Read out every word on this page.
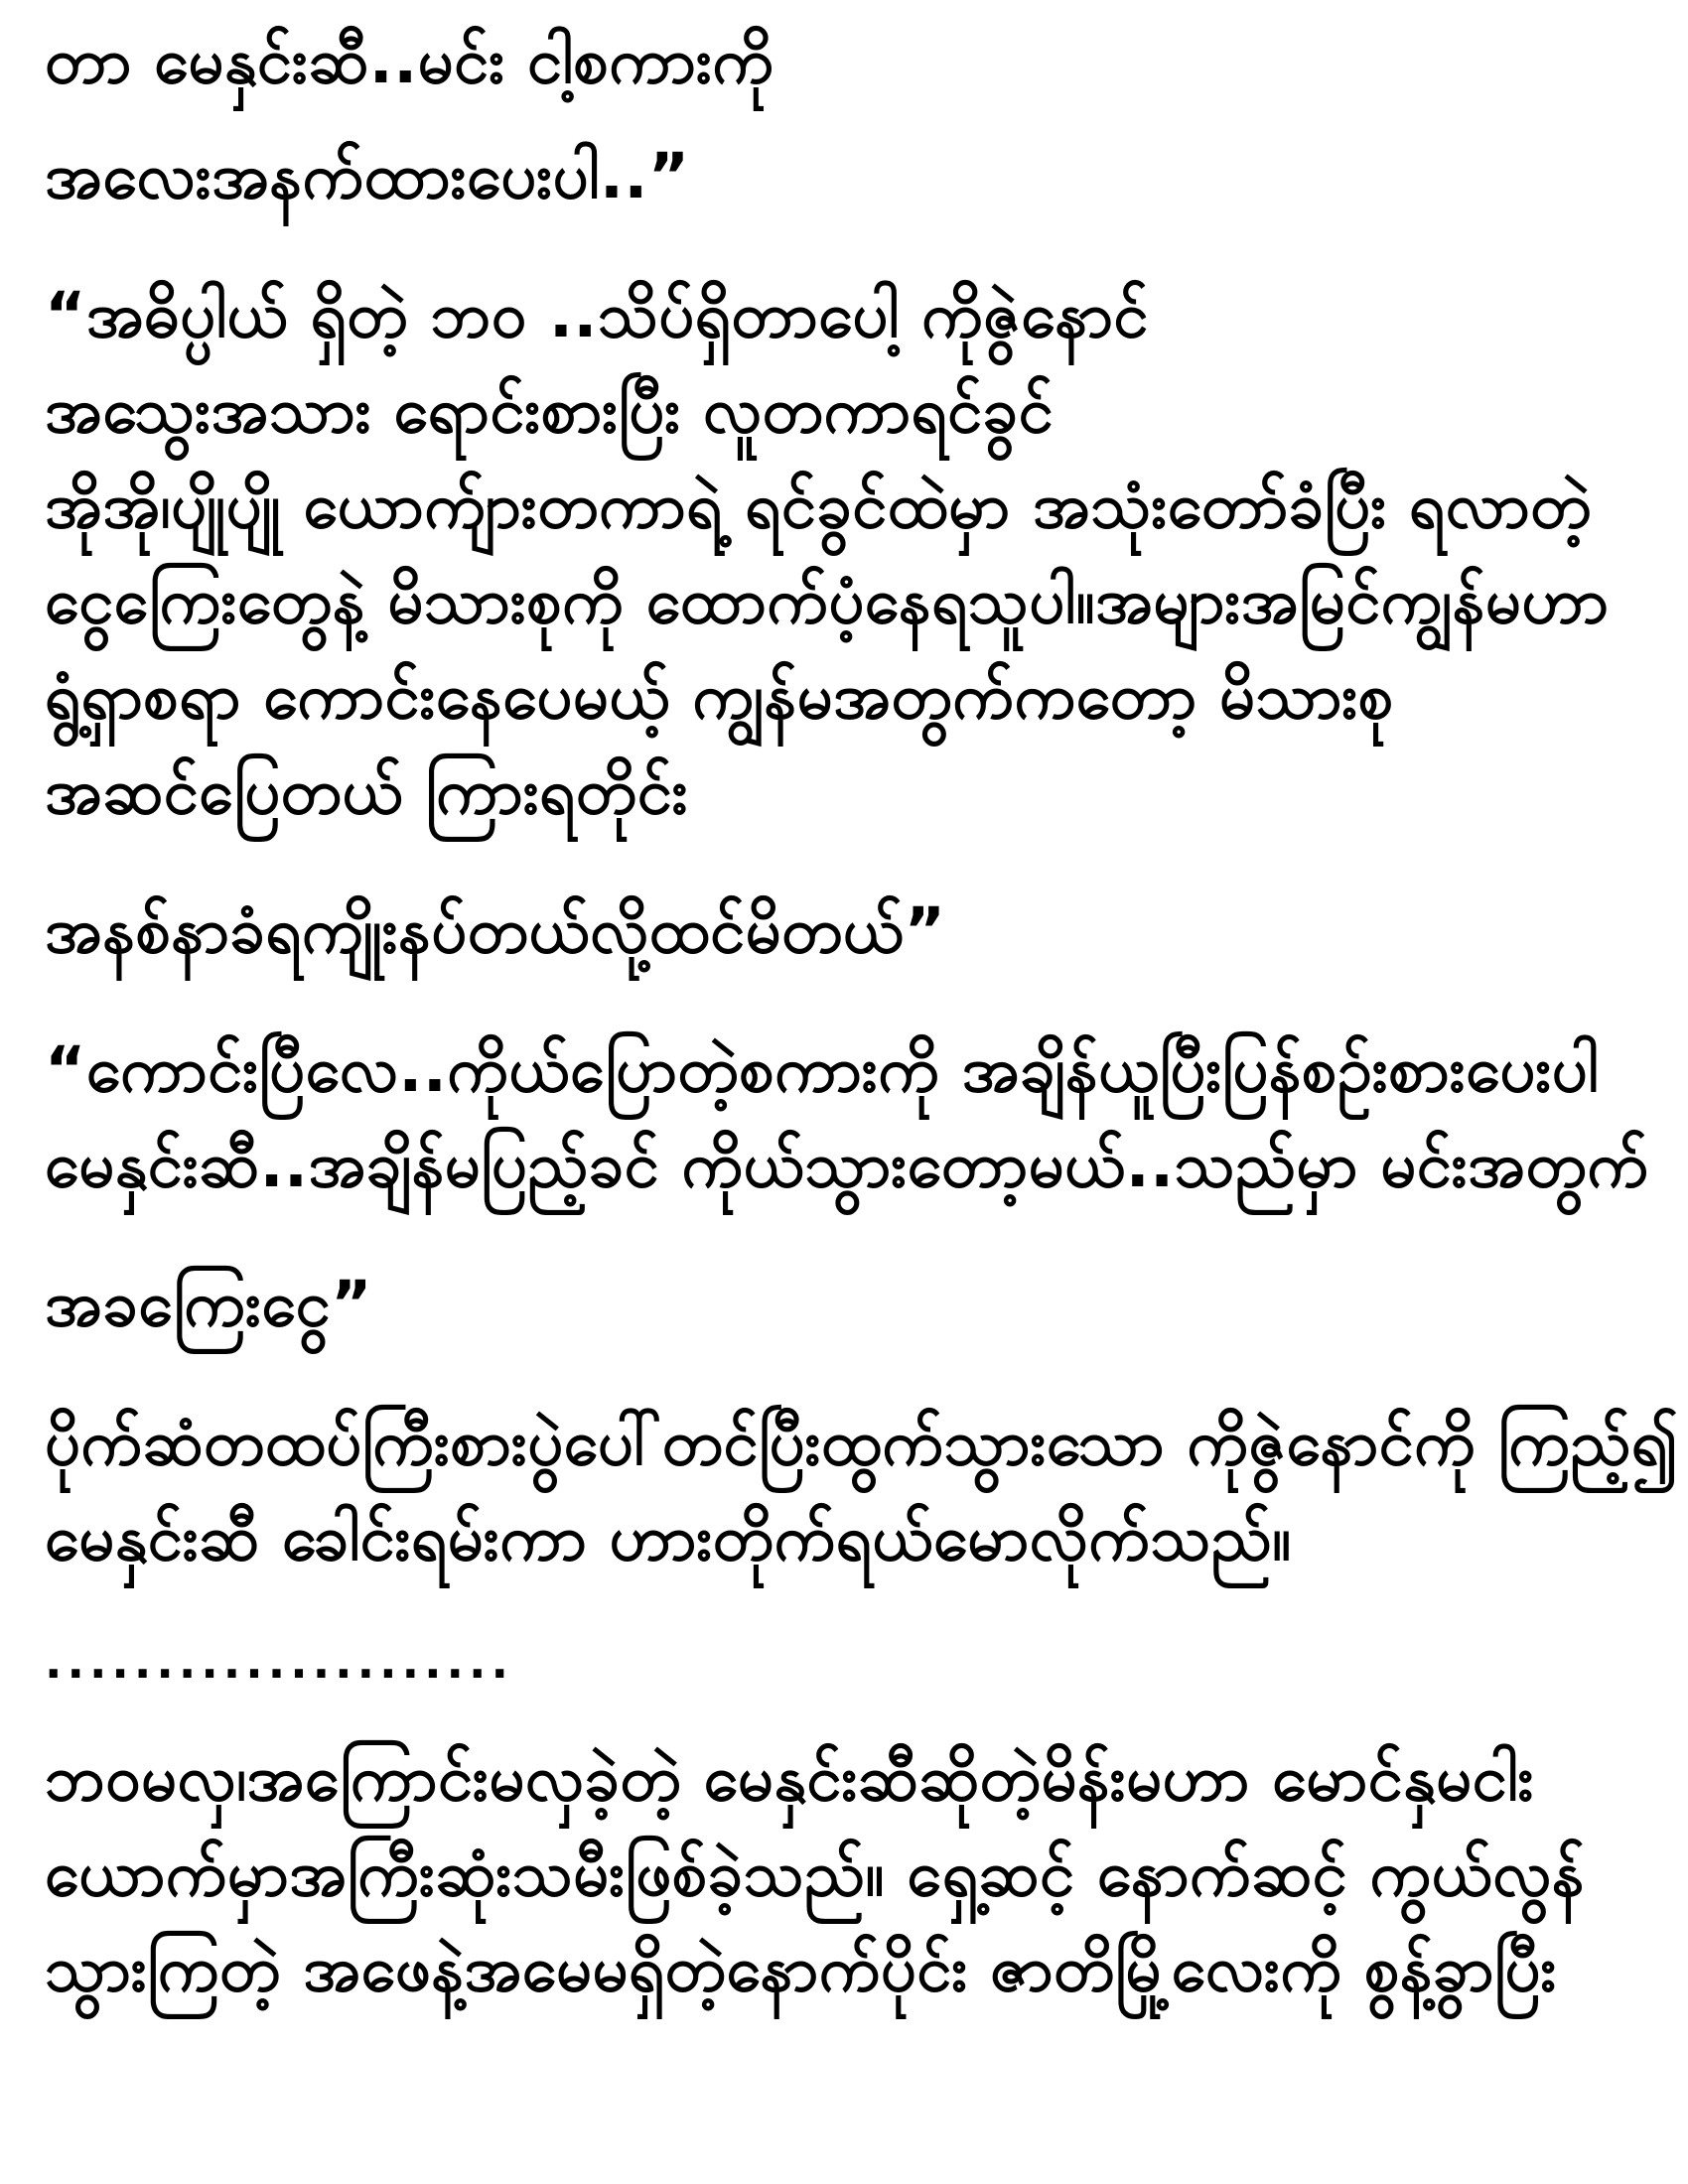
တာ မေနှင်းဆီ..မင်း ငါ့စကားကို

အလေးအနက်ထားပေးပါ..”

“အဓိပ္ပါယ် ရှိတဲ့ ဘဝ ..သိပ်ရှိတာပေါ့ ကိုဇွဲနောင်
အသွေးအသား ရောင်းစားပြီး လူတကာရင်ခွင်
အိုအို၊ပျိုပျို ယောက်ျားတကာရဲ့ ရင်ခွင်ထဲမှာ အသုံးတော်ခံပြီး ရလာတဲ့
ငွေကြေးတွေနဲ့ မိသားစုကို ထောက်ပံ့နေရသူပါ။အများအမြင်ကျွန်မဟာ
ရွံ့ရှာစရာ ကောင်းနေပေမယ့် ကျွန်မအတွက်ကတော့ မိသားစု
အဆင်ပြေတယ် ကြားရတိုင်း

အနစ်နာခံရကျိုးနပ်တယ်လို့ထင်မိတယ်”

“ကောင်းပြီလေ..ကိုယ်ပြောတဲ့စကားကို အချိန်ယူပြီးပြန်စဉ်းစားပေးပါ
မေနှင်းဆီ..အချိန်မပြည့်ခင် ကိုယ်သွားတော့မယ်..သည်မှာ မင်းအတွက်

အခကြေးငွေ”

ပိုက်ဆံတထပ်ကြီးစားပွဲပေါ်တင်ပြီးထွက်သွားသော ကိုဇွဲနောင်ကို ကြည့်၍
မေနှင်းဆီ ခေါင်းရမ်းကာ ဟားတိုက်ရယ်မောလိုက်သည်။

.....................

ဘဝမလှ၊အကြောင်းမလှခဲ့တဲ့ မေနှင်းဆီဆိုတဲ့မိန်းမဟာ မောင်နှမငါး
ယောက်မှာအကြီးဆုံးသမီးဖြစ်ခဲ့သည်။ ရှေ့ဆင့် နောက်ဆင့် ကွယ်လွန်
သွားကြတဲ့ အဖေနဲ့အမေမရှိတဲ့နောက်ပိုင်း ဇာတိမြို့လေးကို စွန့်ခွာပြီး
